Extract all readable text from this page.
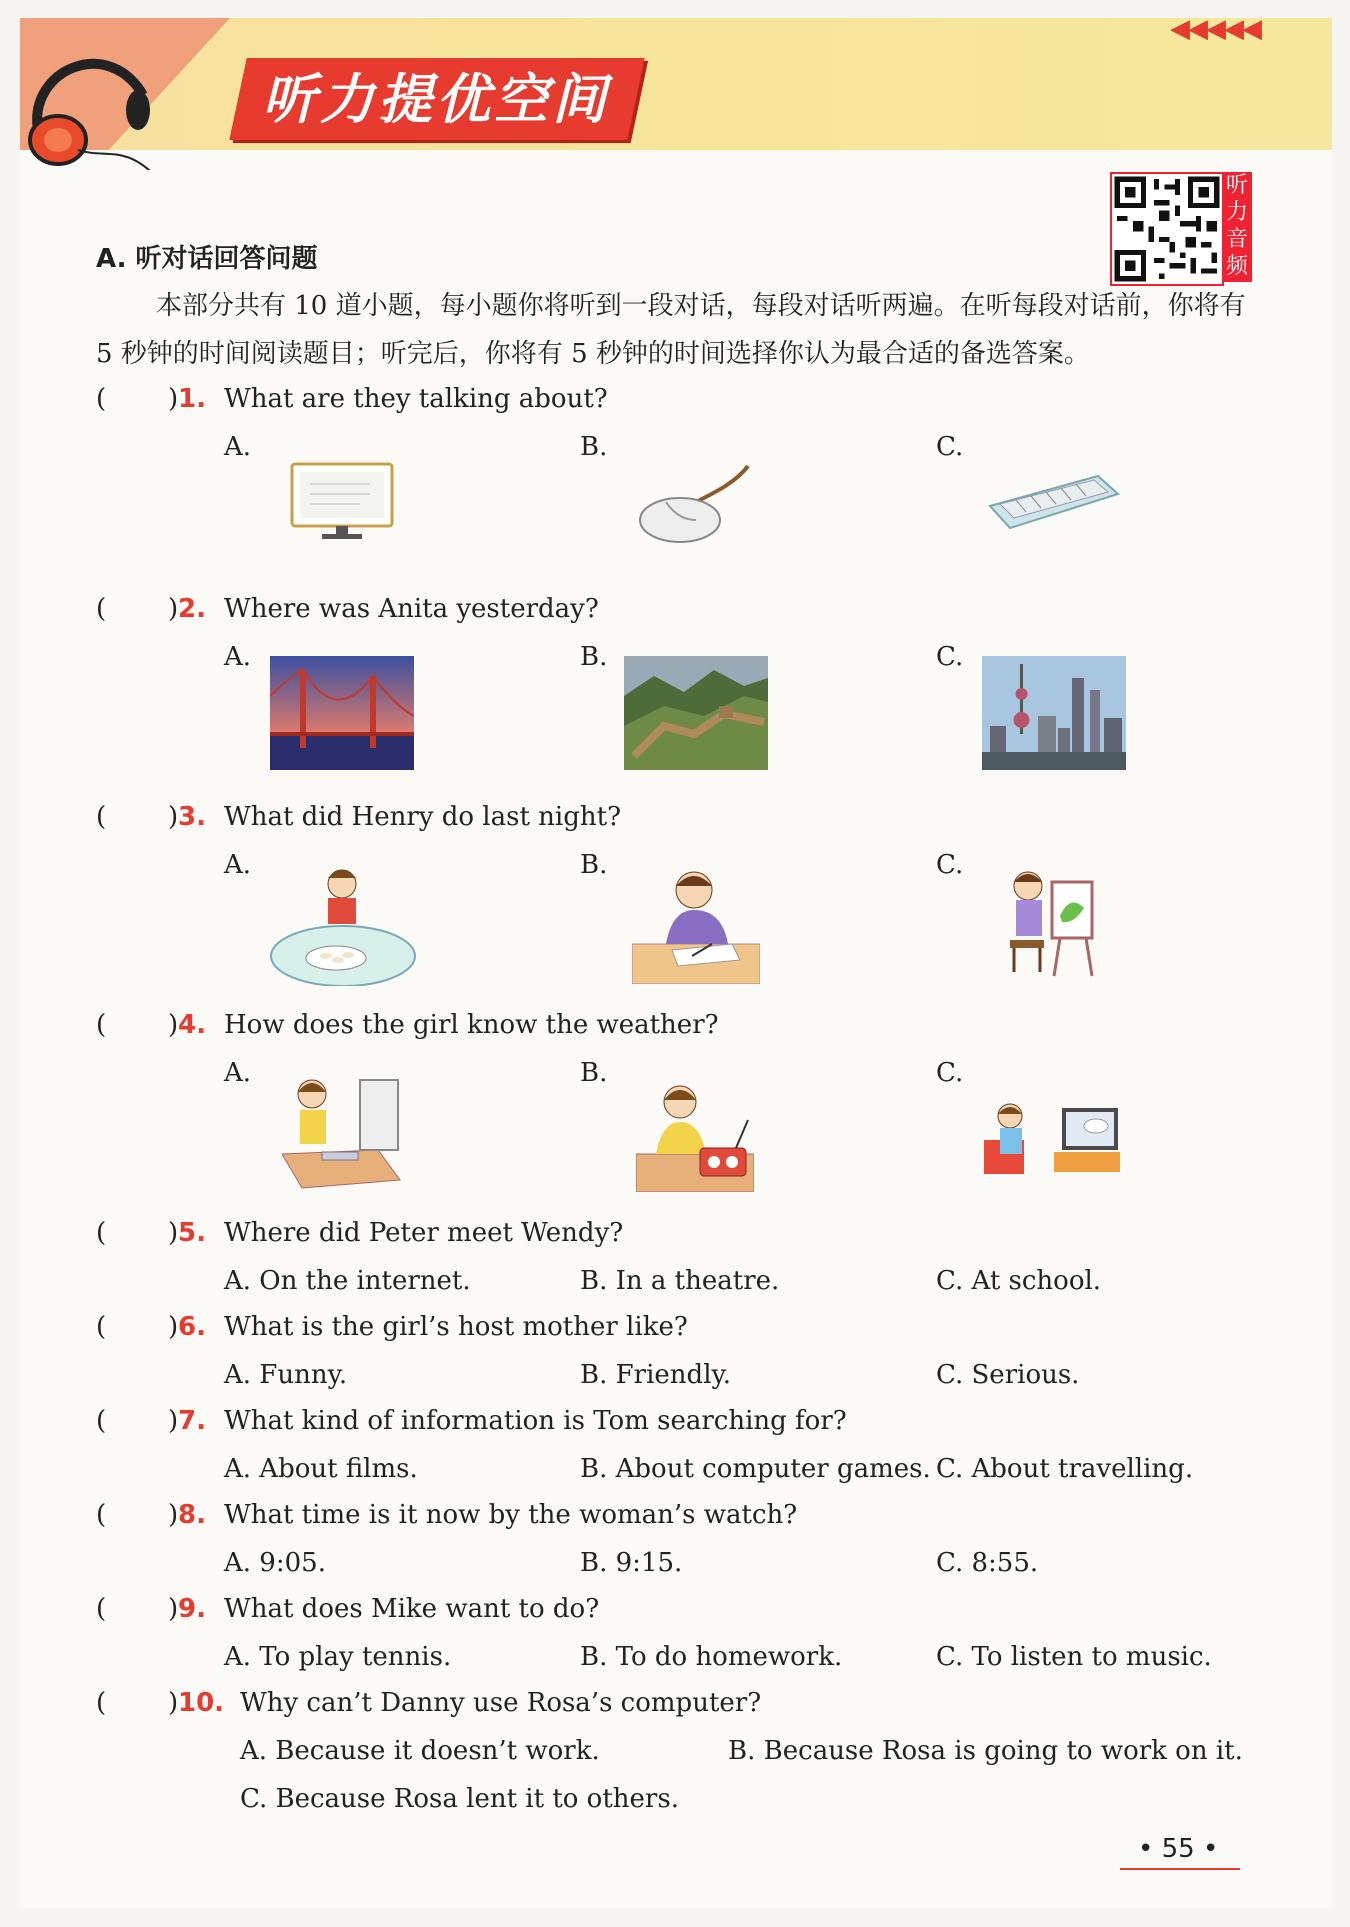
听力提优空间
◀◀◀◀◀
听力音频
A. 听对话回答问题
本部分共有 10 道小题，每小题你将听到一段对话，每段对话听两遍。在听每段对话前，你将有 5 秒钟的时间阅读题目；听完后，你将有 5 秒钟的时间选择你认为最合适的备选答案。
( ) 1. What are they talking about?
A.	B.	C.
( ) 2. Where was Anita yesterday?
A.	B.	C.
( ) 3. What did Henry do last night?
A.	B.	C.
( ) 4. How does the girl know the weather?
A.	B.	C.
( ) 5. Where did Peter meet Wendy?
A. On the internet.	B. In a theatre.	C. At school.
( ) 6. What is the girl’s host mother like?
A. Funny.	B. Friendly.	C. Serious.
( ) 7. What kind of information is Tom searching for?
A. About films.	B. About computer games. C. About travelling.
( ) 8. What time is it now by the woman’s watch?
A. 9:05.	B. 9:15.	C. 8:55.
( ) 9. What does Mike want to do?
A. To play tennis.	B. To do homework.	C. To listen to music.
( ) 10. Why can’t Danny use Rosa’s computer?
A. Because it doesn’t work.	B. Because Rosa is going to work on it.
C. Because Rosa lent it to others.
• 55 •
